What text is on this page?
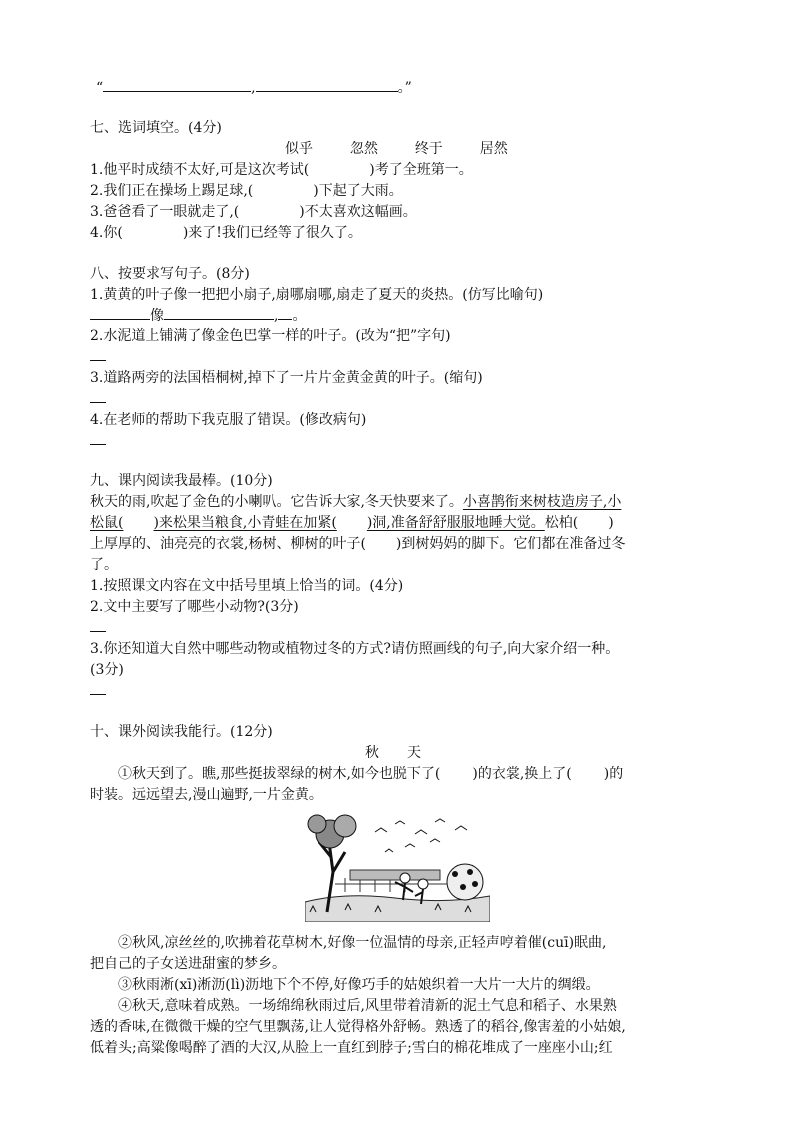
“	,	。”
七、选词填空。(4分)
似乎	忽然	终于	居然
1.他平时成绩不太好,可是这次考试(	)考了全班第一。
2.我们正在操场上踢足球,(	)下起了大雨。
3.爸爸看了一眼就走了,(	)不太喜欢这幅画。
4.你(	)来了!我们已经等了很久了。
八、按要求写句子。(8分)
1.黄黄的叶子像一把把小扇子,扇哪扇哪,扇走了夏天的炎热。(仿写比喻句)
像	, 。
2.水泥道上铺满了像金色巴掌一样的叶子。(改为“把”字句)
3.道路两旁的法国梧桐树,掉下了一片片金黄金黄的叶子。(缩句)
4.在老师的帮助下我克服了错误。(修改病句)
九、课内阅读我最棒。(10分)
秋天的雨,吹起了金色的小喇叭。它告诉大家,冬天快要来了。小喜鹊衔来树枝造房子,小
松鼠( )来松果当粮食,小青蛙在加紧( )洞,准备舒舒服服地睡大觉。松柏( )
上厚厚的、油亮亮的衣裳,杨树、柳树的叶子( )到树妈妈的脚下。它们都在准备过冬
了。
1.按照课文内容在文中括号里填上恰当的词。(4分)
2.文中主要写了哪些小动物?(3分)
3.你还知道大自然中哪些动物或植物过冬的方式?请仿照画线的句子,向大家介绍一种。
(3分)
十、课外阅读我能行。(12分)
秋　　天
①秋天到了。瞧,那些挺拔翠绿的树木,如今也脱下了( )的衣裳,换上了( )的
时装。远远望去,漫山遍野,一片金黄。
②秋风,凉丝丝的,吹拂着花草树木,好像一位温情的母亲,正轻声哼着催(cuī)眠曲,
把自己的子女送进甜蜜的梦乡。
③秋雨淅(xī)淅沥(lì)沥地下个不停,好像巧手的姑娘织着一大片一大片的绸缎。
④秋天,意味着成熟。一场绵绵秋雨过后,风里带着清新的泥土气息和稻子、水果熟
透的香味,在微微干燥的空气里飘荡,让人觉得格外舒畅。熟透了的稻谷,像害羞的小姑娘,
低着头;高粱像喝醉了酒的大汉,从脸上一直红到脖子;雪白的棉花堆成了一座座小山;红
